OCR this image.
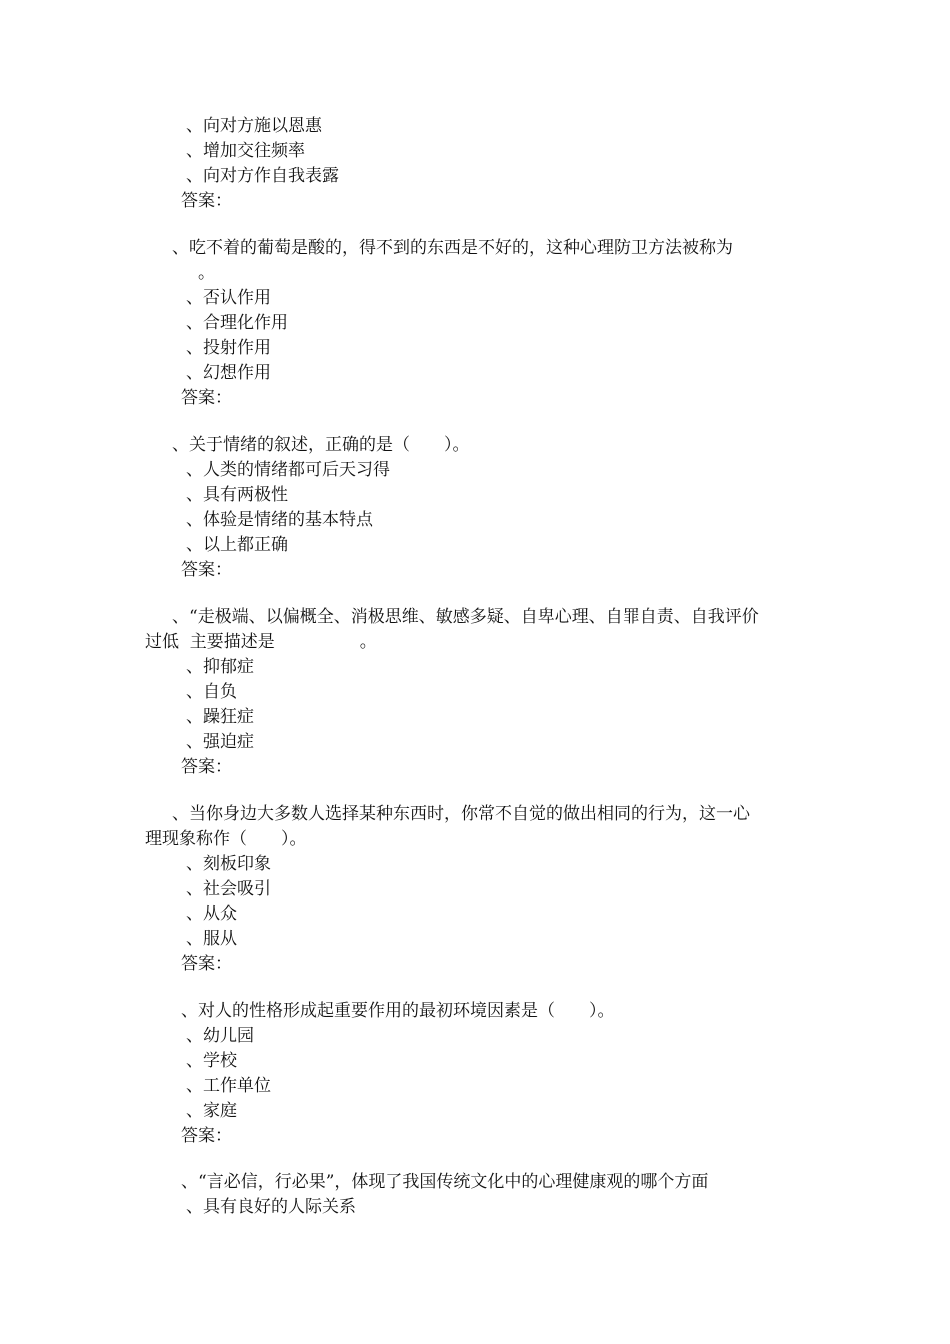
、向对方施以恩惠
、增加交往频率
、向对方作自我表露
答案：
、吃不着的葡萄是酸的，得不到的东西是不好的，这种心理防卫方法被称为
。
、否认作用
、合理化作用
、投射作用
、幻想作用
答案：
、关于情绪的叙述，正确的是（　　）。
、人类的情绪都可后天习得
、具有两极性
、体验是情绪的基本特点
、以上都正确
答案：
、“走极端、以偏概全、消极思维、敏感多疑、自卑心理、自罪自责、自我评价
过低  主要描述是　　　　　。
、抑郁症
、自负
、躁狂症
、强迫症
答案：
、当你身边大多数人选择某种东西时，你常不自觉的做出相同的行为，这一心
理现象称作（　　）。
、刻板印象
、社会吸引
、从众
、服从
答案：
、对人的性格形成起重要作用的最初环境因素是（　　）。
、幼儿园
、学校
、工作单位
、家庭
答案：
、“言必信，行必果”，体现了我国传统文化中的心理健康观的哪个方面
、具有良好的人际关系
